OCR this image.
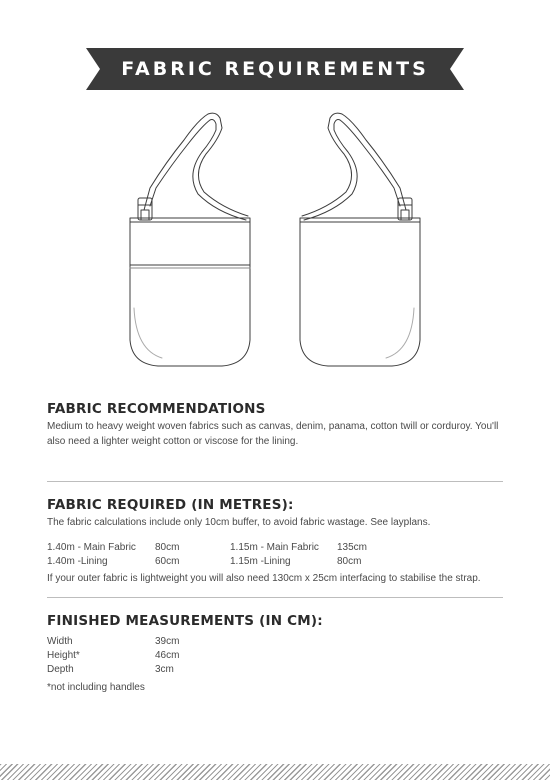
FABRIC REQUIREMENTS
FABRIC RECOMMENDATIONS

Medium to heavy weight woven fabrics such as canvas, denim, panama, cotton twill or corduroy. You'll

also need a lighter weight cotton or viscose for the lining.

FABRIC REQUIRED (IN METRES):

The fabric calculations include only 10cm buffer, to avoid fabric wastage. See layplans.

1.40m - Main Fabric 80cm	1.15m - Main Fabric 135cm
1.40m -Lining	60cm	1.15m -Lining	80cm
If your outer fabric is lightweight you will also need 130cm x 25cm interfacing to stabilise the strap.
FINISHED MEASUREMENTS (IN CM):
Width	39cm
Height*	46cm
Depth	3cm
*not including handles
